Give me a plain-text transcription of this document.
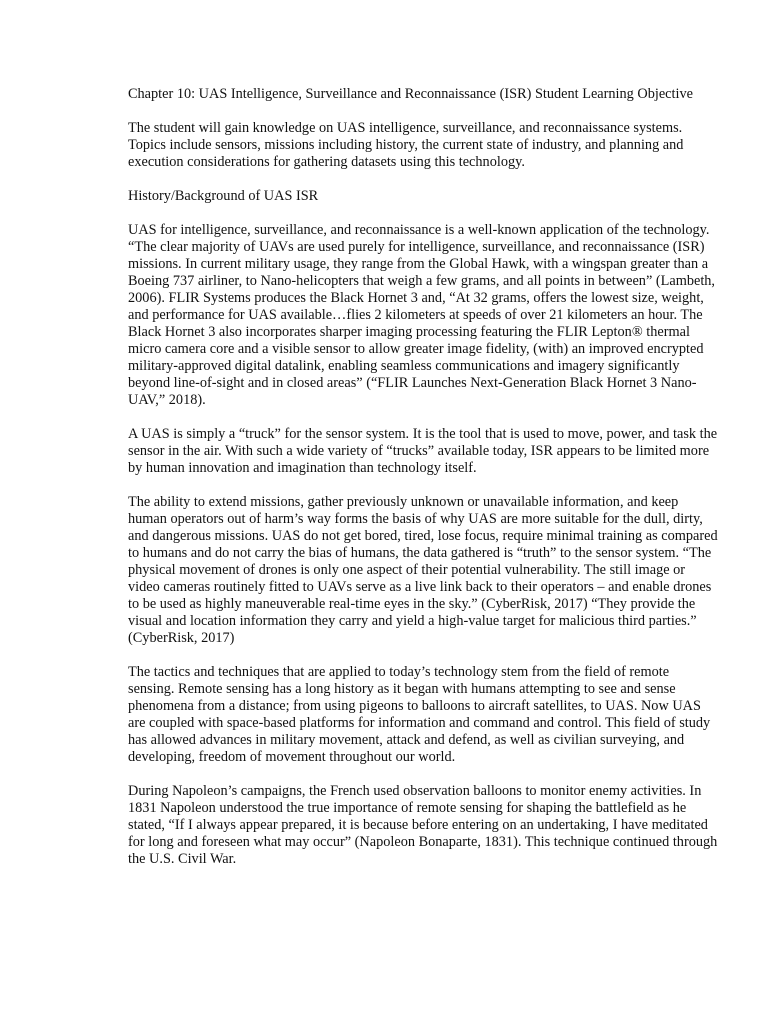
Chapter 10: UAS Intelligence, Surveillance and Reconnaissance (ISR) Student Learning Objective

The student will gain knowledge on UAS intelligence, surveillance, and reconnaissance systems. Topics include sensors, missions including history, the current state of industry, and planning and execution considerations for gathering datasets using this technology.

History/Background of UAS ISR

UAS for intelligence, surveillance, and reconnaissance is a well-known application of the technology. “The clear majority of UAVs are used purely for intelligence, surveillance, and reconnaissance (ISR) missions. In current military usage, they range from the Global Hawk, with a wingspan greater than a Boeing 737 airliner, to Nano-helicopters that weigh a few grams, and all points in between” (Lambeth, 2006). FLIR Systems produces the Black Hornet 3 and, “At 32 grams, offers the lowest size, weight, and performance for UAS available…flies 2 kilometers at speeds of over 21 kilometers an hour. The Black Hornet 3 also incorporates sharper imaging processing featuring the FLIR Lepton® thermal micro camera core and a visible sensor to allow greater image fidelity, (with) an improved encrypted military-approved digital datalink, enabling seamless communications and imagery significantly beyond line-of-sight and in closed areas” (“FLIR Launches Next-Generation Black Hornet 3 Nano-UAV,” 2018).

A UAS is simply a “truck” for the sensor system. It is the tool that is used to move, power, and task the sensor in the air. With such a wide variety of “trucks” available today, ISR appears to be limited more by human innovation and imagination than technology itself.

The ability to extend missions, gather previously unknown or unavailable information, and keep human operators out of harm’s way forms the basis of why UAS are more suitable for the dull, dirty, and dangerous missions. UAS do not get bored, tired, lose focus, require minimal training as compared to humans and do not carry the bias of humans, the data gathered is “truth” to the sensor system. “The physical movement of drones is only one aspect of their potential vulnerability. The still image or video cameras routinely fitted to UAVs serve as a live link back to their operators – and enable drones to be used as highly maneuverable real-time eyes in the sky.” (CyberRisk, 2017) “They provide the visual and location information they carry and yield a high-value target for malicious third parties.” (CyberRisk, 2017)

The tactics and techniques that are applied to today’s technology stem from the field of remote sensing. Remote sensing has a long history as it began with humans attempting to see and sense phenomena from a distance; from using pigeons to balloons to aircraft satellites, to UAS. Now UAS are coupled with space-based platforms for information and command and control. This field of study has allowed advances in military movement, attack and defend, as well as civilian surveying, and developing, freedom of movement throughout our world.

During Napoleon’s campaigns, the French used observation balloons to monitor enemy activities. In 1831 Napoleon understood the true importance of remote sensing for shaping the battlefield as he stated, “If I always appear prepared, it is because before entering on an undertaking, I have meditated for long and foreseen what may occur” (Napoleon Bonaparte, 1831). This technique continued through the U.S. Civil War.
